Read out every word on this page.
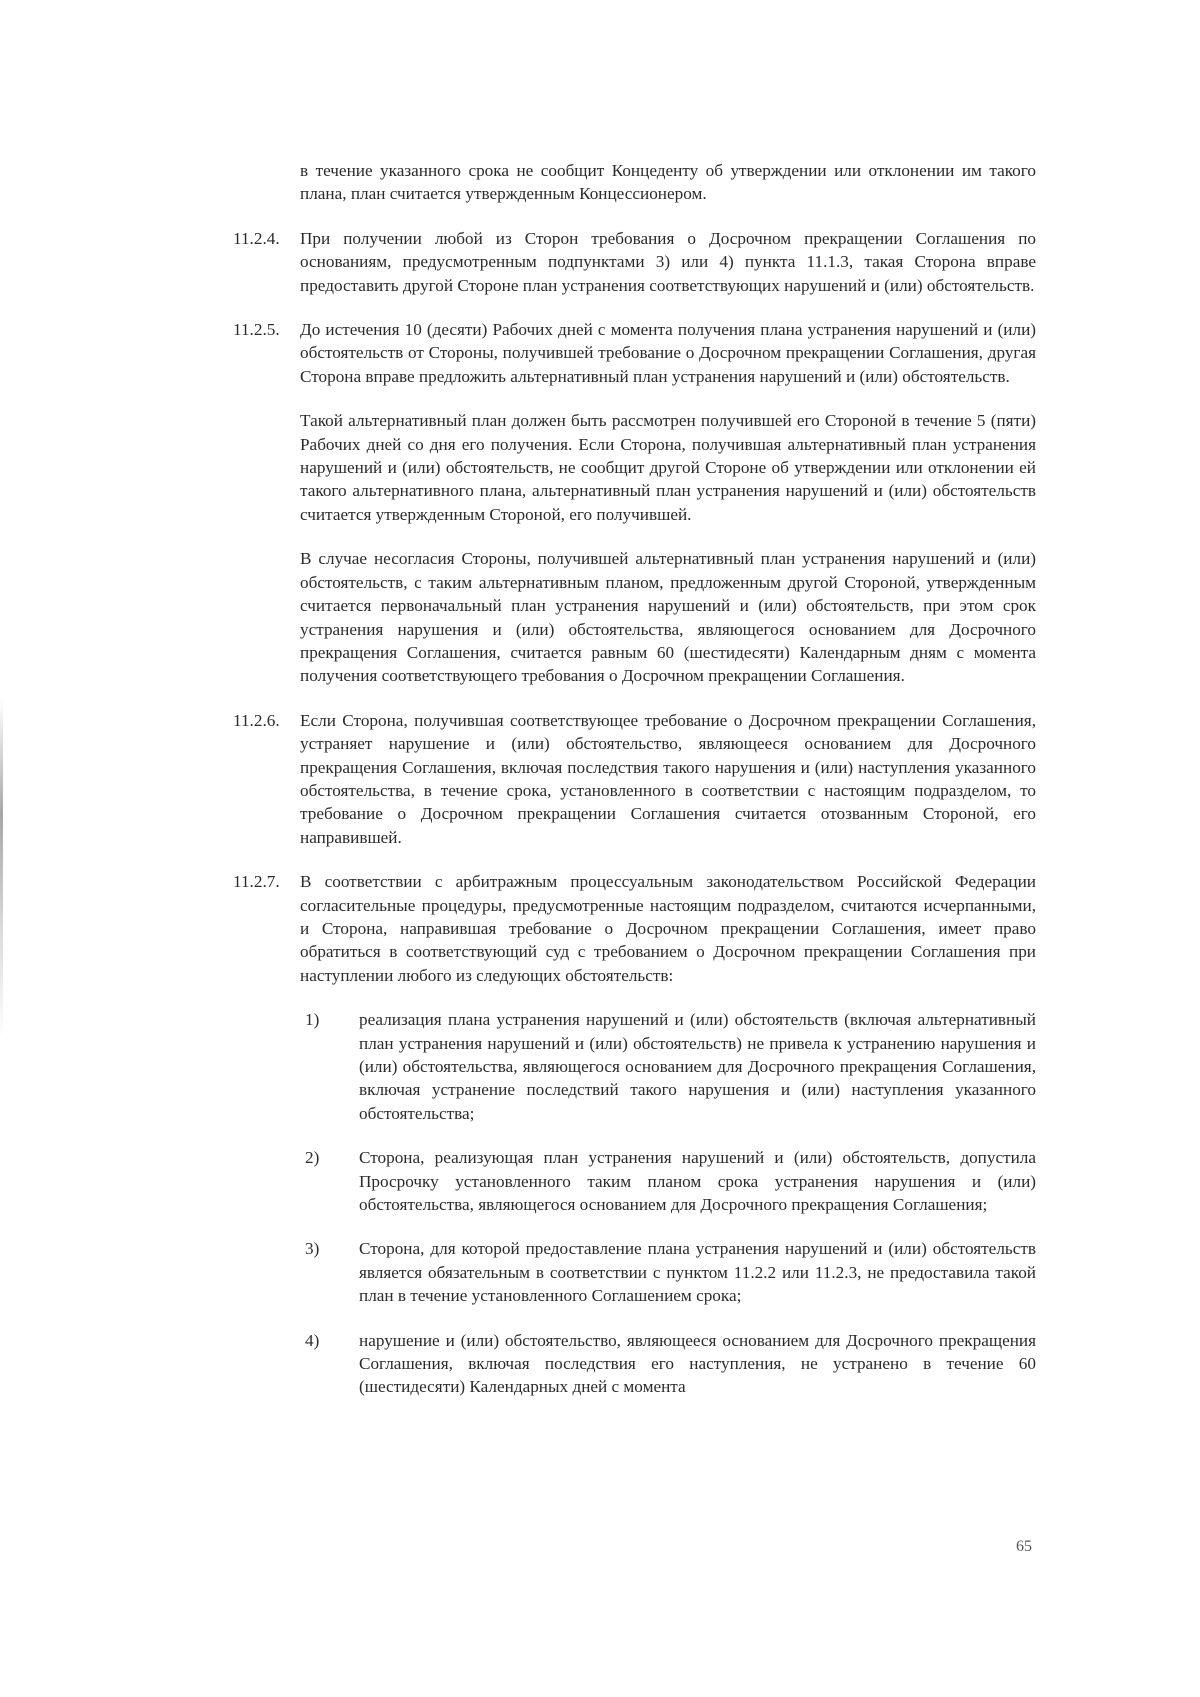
в течение указанного срока не сообщит Концеденту об утверждении или отклонении им такого плана, план считается утвержденным Концессионером.
11.2.4.	При получении любой из Сторон требования о Досрочном прекращении Соглашения по основаниям, предусмотренным подпунктами 3) или 4) пункта 11.1.3, такая Сторона вправе предоставить другой Стороне план устранения соответствующих нарушений и (или) обстоятельств.
11.2.5.	До истечения 10 (десяти) Рабочих дней с момента получения плана устранения нарушений и (или) обстоятельств от Стороны, получившей требование о Досрочном прекращении Соглашения, другая Сторона вправе предложить альтернативный план устранения нарушений и (или) обстоятельств.
Такой альтернативный план должен быть рассмотрен получившей его Стороной в течение 5 (пяти) Рабочих дней со дня его получения. Если Сторона, получившая альтернативный план устранения нарушений и (или) обстоятельств, не сообщит другой Стороне об утверждении или отклонении ей такого альтернативного плана, альтернативный план устранения нарушений и (или) обстоятельств считается утвержденным Стороной, его получившей.
В случае несогласия Стороны, получившей альтернативный план устранения нарушений и (или) обстоятельств, с таким альтернативным планом, предложенным другой Стороной, утвержденным считается первоначальный план устранения нарушений и (или) обстоятельств, при этом срок устранения нарушения и (или) обстоятельства, являющегося основанием для Досрочного прекращения Соглашения, считается равным 60 (шестидесяти) Календарным дням с момента получения соответствующего требования о Досрочном прекращении Соглашения.
11.2.6.	Если Сторона, получившая соответствующее требование о Досрочном прекращении Соглашения, устраняет нарушение и (или) обстоятельство, являющееся основанием для Досрочного прекращения Соглашения, включая последствия такого нарушения и (или) наступления указанного обстоятельства, в течение срока, установленного в соответствии с настоящим подразделом, то требование о Досрочном прекращении Соглашения считается отозванным Стороной, его направившей.
11.2.7.	В соответствии с арбитражным процессуальным законодательством Российской Федерации согласительные процедуры, предусмотренные настоящим подразделом, считаются исчерпанными, и Сторона, направившая требование о Досрочном прекращении Соглашения, имеет право обратиться в соответствующий суд с требованием о Досрочном прекращении Соглашения при наступлении любого из следующих обстоятельств:
1)	реализация плана устранения нарушений и (или) обстоятельств (включая альтернативный план устранения нарушений и (или) обстоятельств) не привела к устранению нарушения и (или) обстоятельства, являющегося основанием для Досрочного прекращения Соглашения, включая устранение последствий такого нарушения и (или) наступления указанного обстоятельства;
2)	Сторона, реализующая план устранения нарушений и (или) обстоятельств, допустила Просрочку установленного таким планом срока устранения нарушения и (или) обстоятельства, являющегося основанием для Досрочного прекращения Соглашения;
3)	Сторона, для которой предоставление плана устранения нарушений и (или) обстоятельств является обязательным в соответствии с пунктом 11.2.2 или 11.2.3, не предоставила такой план в течение установленного Соглашением срока;
4)	нарушение и (или) обстоятельство, являющееся основанием для Досрочного прекращения Соглашения, включая последствия его наступления, не устранено в течение 60 (шестидесяти) Календарных дней с момента
65
